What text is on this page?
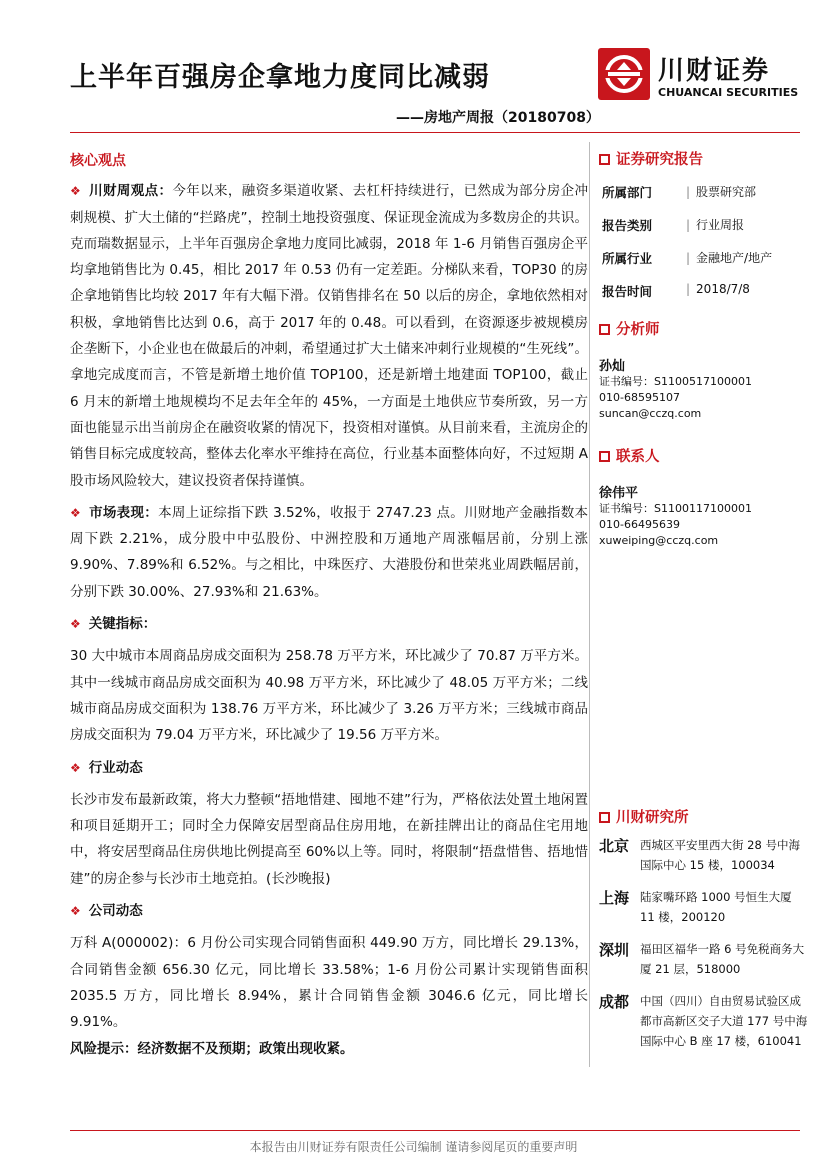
上半年百强房企拿地力度同比减弱
——房地产周报（20180708）
川财证券
CHUANCAI SECURITIES
核心观点

❖ 川财周观点：今年以来，融资多渠道收紧、去杠杆持续进行，已然成为部分房企冲刺规模、扩大土储的“拦路虎”，控制土地投资强度、保证现金流成为多数房企的共识。克而瑞数据显示，上半年百强房企拿地力度同比减弱，2018 年 1-6 月销售百强房企平均拿地销售比为 0.45，相比 2017 年 0.53 仍有一定差距。分梯队来看，TOP30 的房企拿地销售比均较 2017 年有大幅下滑。仅销售排名在 50 以后的房企，拿地依然相对积极，拿地销售比达到 0.6，高于 2017 年的 0.48。可以看到，在资源逐步被规模房企垄断下，小企业也在做最后的冲刺，希望通过扩大土储来冲刺行业规模的“生死线”。拿地完成度而言，不管是新增土地价值 TOP100，还是新增土地建面 TOP100，截止 6 月末的新增土地规模均不足去年全年的 45%，一方面是土地供应节奏所致，另一方面也能显示出当前房企在融资收紧的情况下，投资相对谨慎。从目前来看，主流房企的销售目标完成度较高，整体去化率水平维持在高位，行业基本面整体向好，不过短期 A 股市场风险较大，建议投资者保持谨慎。

❖ 市场表现：本周上证综指下跌 3.52%，收报于 2747.23 点。川财地产金融指数本周下跌 2.21%，成分股中中弘股份、中洲控股和万通地产周涨幅居前，分别上涨 9.90%、7.89%和 6.52%。与之相比，中珠医疗、大港股份和世荣兆业周跌幅居前，分别下跌 30.00%、27.93%和 21.63%。

❖ 关键指标：

30 大中城市本周商品房成交面积为 258.78 万平方米，环比减少了 70.87 万平方米。其中一线城市商品房成交面积为 40.98 万平方米，环比减少了 48.05 万平方米；二线城市商品房成交面积为 138.76 万平方米，环比减少了 3.26 万平方米；三线城市商品房成交面积为 79.04 万平方米，环比减少了 19.56 万平方米。

❖ 行业动态

长沙市发布最新政策，将大力整顿“捂地惜建、囤地不建”行为，严格依法处置土地闲置和项目延期开工；同时全力保障安居型商品住房用地，在新挂牌出让的商品住宅用地中，将安居型商品住房供地比例提高至 60%以上等。同时，将限制“捂盘惜售、捂地惜建”的房企参与长沙市土地竞拍。(长沙晚报)

❖ 公司动态

万科 A(000002)：6 月份公司实现合同销售面积 449.90 万方，同比增长 29.13%，合同销售金额 656.30 亿元，同比增长 33.58%；1-6 月份公司累计实现销售面积 2035.5 万方，同比增长 8.94%，累计合同销售金额 3046.6 亿元，同比增长 9.91%。

风险提示：经济数据不及预期；政策出现收紧。

证券研究报告
所属部门	| 股票研究部
报告类别	| 行业周报
所属行业	| 金融地产/地产
报告时间	| 2018/7/8
分析师
孙灿
证书编号：S1100517100001
010-68595107
suncan@cczq.com
联系人
徐伟平
证书编号：S1100117100001
010-66495639
xuweiping@cczq.com
川财研究所
北京 西城区平安里西大街 28 号中海国际中心 15 楼，100034
上海 陆家嘴环路 1000 号恒生大厦 11 楼，200120
深圳 福田区福华一路 6 号免税商务大厦 21 层，518000
成都 中国（四川）自由贸易试验区成都市高新区交子大道 177 号中海国际中心 B 座 17 楼，610041
本报告由川财证券有限责任公司编制 谨请参阅尾页的重要声明
